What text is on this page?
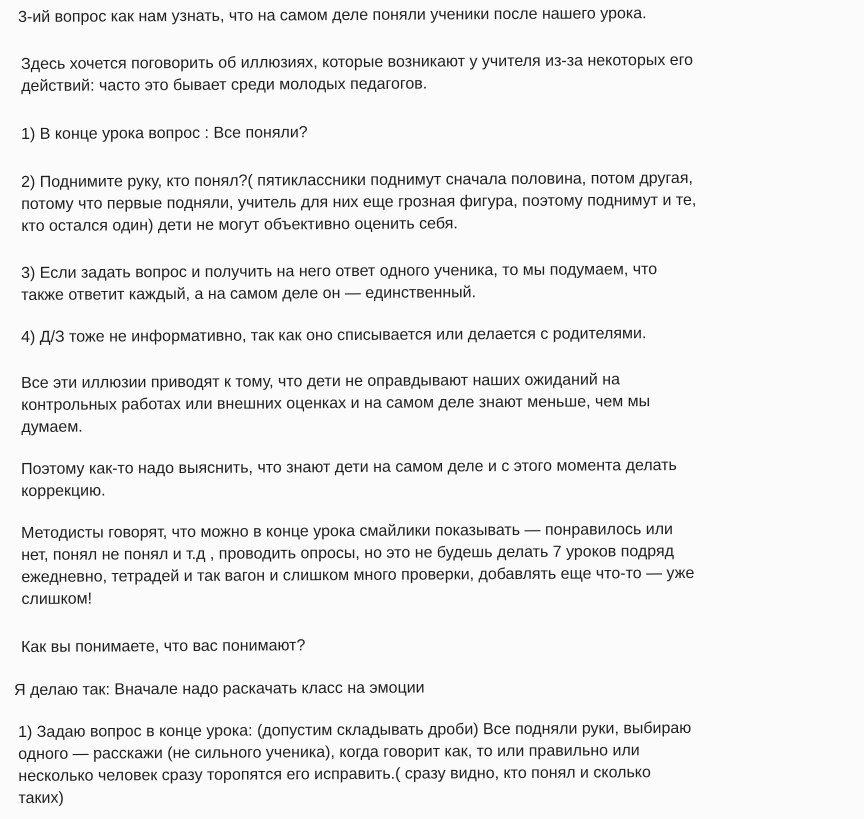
3-ий вопрос как нам узнать, что на самом деле поняли ученики после нашего урока.

Здесь хочется поговорить об иллюзиях, которые возникают у учителя из-за некоторых его
действий: часто это бывает среди молодых педагогов.

1) В конце урока вопрос : Все поняли?

2) Поднимите руку, кто понял?( пятиклассники поднимут сначала половина, потом другая,
потому что первые подняли, учитель для них еще грозная фигура, поэтому поднимут и те,
кто остался один) дети не могут объективно оценить себя.

3) Если задать вопрос и получить на него ответ одного ученика, то мы подумаем, что
также ответит каждый, а на самом деле он — единственный.

4) Д/З тоже не информативно, так как оно списывается или делается с родителями.

Все эти иллюзии приводят к тому, что дети не оправдывают наших ожиданий на
контрольных работах или внешних оценках и на самом деле знают меньше, чем мы
думаем.

Поэтому как-то надо выяснить, что знают дети на самом деле и с этого момента делать
коррекцию.

Методисты говорят, что можно в конце урока смайлики показывать — понравилось или
нет, понял не понял и т.д , проводить опросы, но это не будешь делать 7 уроков подряд
ежедневно, тетрадей и так вагон и слишком много проверки, добавлять еще что-то — уже
слишком!

Как вы понимаете, что вас понимают?

Я делаю так: Вначале надо раскачать класс на эмоции

1) Задаю вопрос в конце урока: (допустим складывать дроби) Все подняли руки, выбираю
одного — расскажи (не сильного ученика), когда говорит как, то или правильно или
несколько человек сразу торопятся его исправить.( сразу видно, кто понял и сколько
таких)
